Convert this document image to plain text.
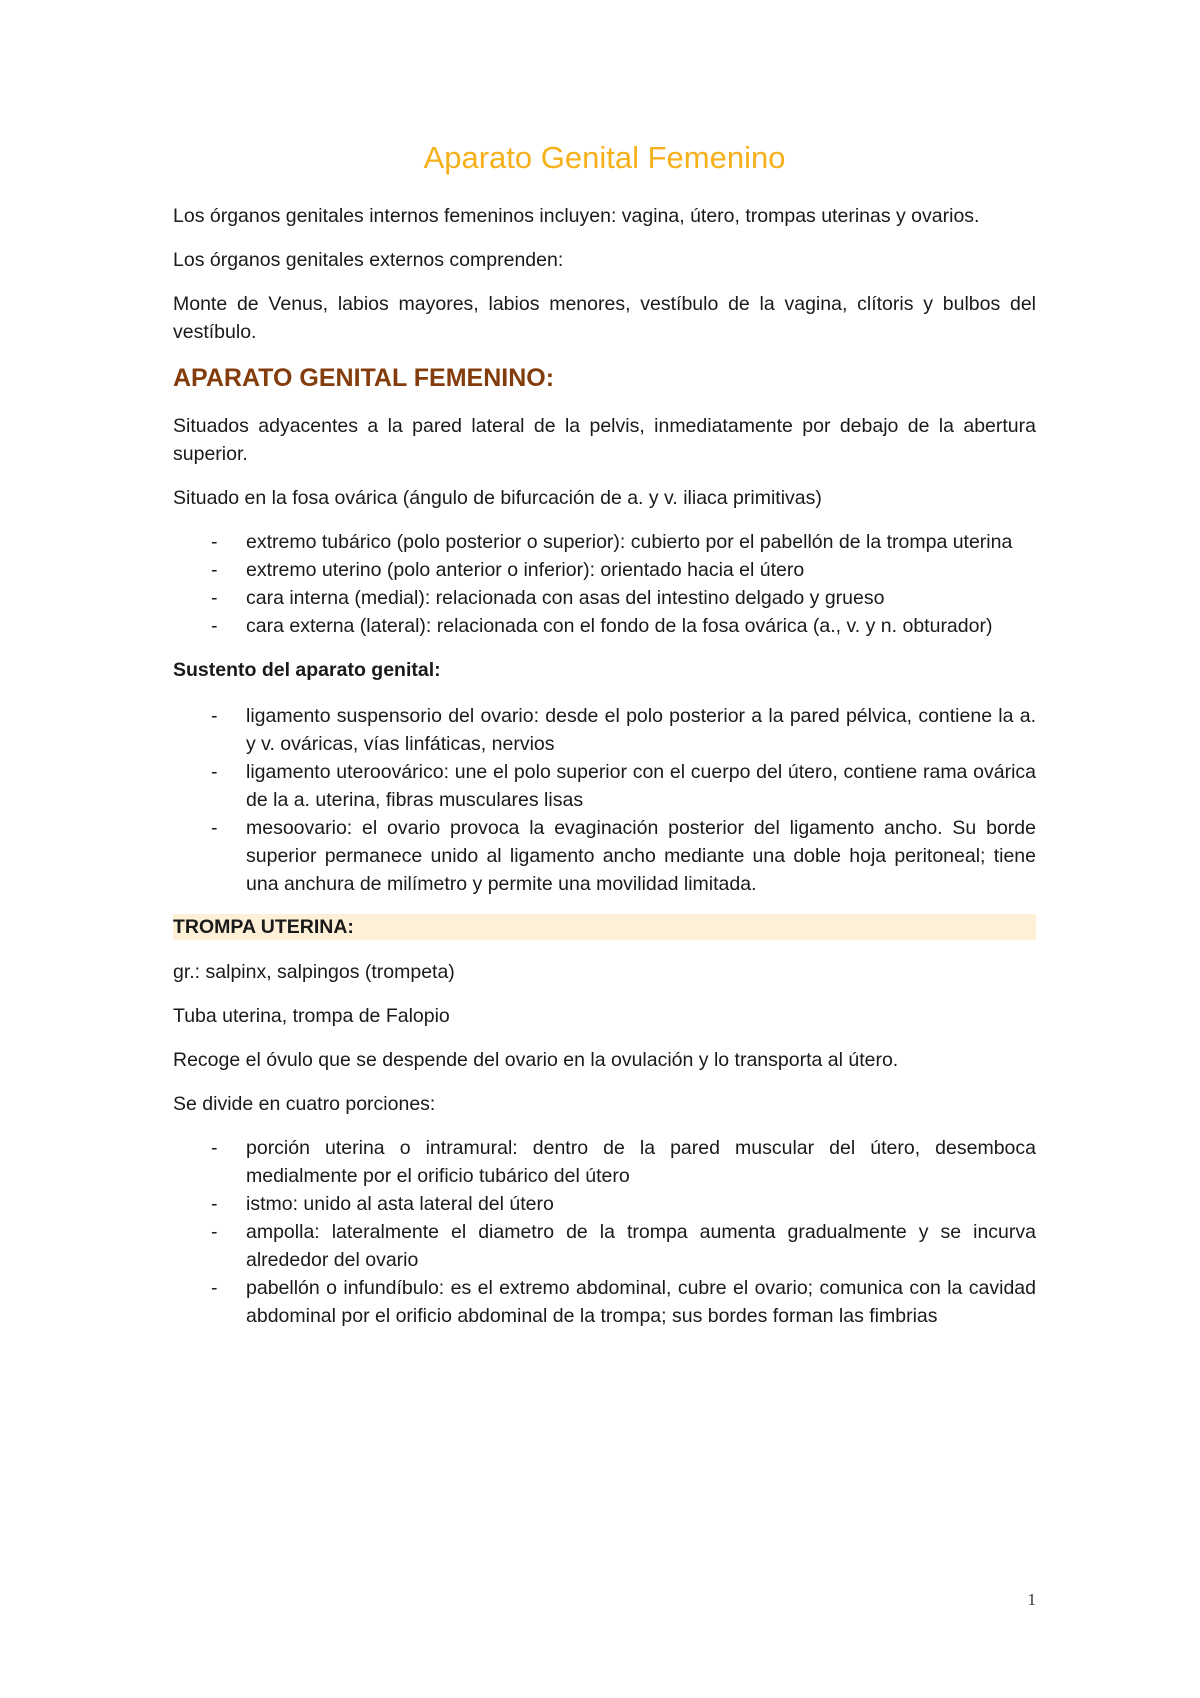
Aparato Genital Femenino

Los órganos genitales internos femeninos incluyen: vagina, útero, trompas uterinas y ovarios.

Los órganos genitales externos comprenden:

Monte de Venus, labios mayores, labios menores, vestíbulo de la vagina, clítoris y bulbos del vestíbulo.

APARATO GENITAL FEMENINO:

Situados adyacentes a la pared lateral de la pelvis, inmediatamente por debajo de la abertura superior.

Situado en la fosa ovárica (ángulo de bifurcación de a. y v. iliaca primitivas)

- extremo tubárico (polo posterior o superior): cubierto por el pabellón de la trompa uterina
- extremo uterino (polo anterior o inferior): orientado hacia el útero
- cara interna (medial): relacionada con asas del intestino delgado y grueso
- cara externa (lateral): relacionada con el fondo de la fosa ovárica (a., v. y n. obturador)
Sustento del aparato genital:
- ligamento suspensorio del ovario: desde el polo posterior a la pared pélvica, contiene la a. y v. ováricas, vías linfáticas, nervios
- ligamento uteroovárico: une el polo superior con el cuerpo del útero, contiene rama ovárica de la a. uterina, fibras musculares lisas
- mesoovario: el ovario provoca la evaginación posterior del ligamento ancho. Su borde superior permanece unido al ligamento ancho mediante una doble hoja peritoneal; tiene una anchura de milímetro y permite una movilidad limitada.
TROMPA UTERINA:

gr.: salpinx, salpingos (trompeta)

Tuba uterina, trompa de Falopio

Recoge el óvulo que se despende del ovario en la ovulación y lo transporta al útero.

Se divide en cuatro porciones:

- porción uterina o intramural: dentro de la pared muscular del útero, desemboca medialmente por el orificio tubárico del útero
- istmo: unido al asta lateral del útero
- ampolla: lateralmente el diametro de la trompa aumenta gradualmente y se incurva alrededor del ovario
- pabellón o infundíbulo: es el extremo abdominal, cubre el ovario; comunica con la cavidad abdominal por el orificio abdominal de la trompa; sus bordes forman las fimbrias
1
